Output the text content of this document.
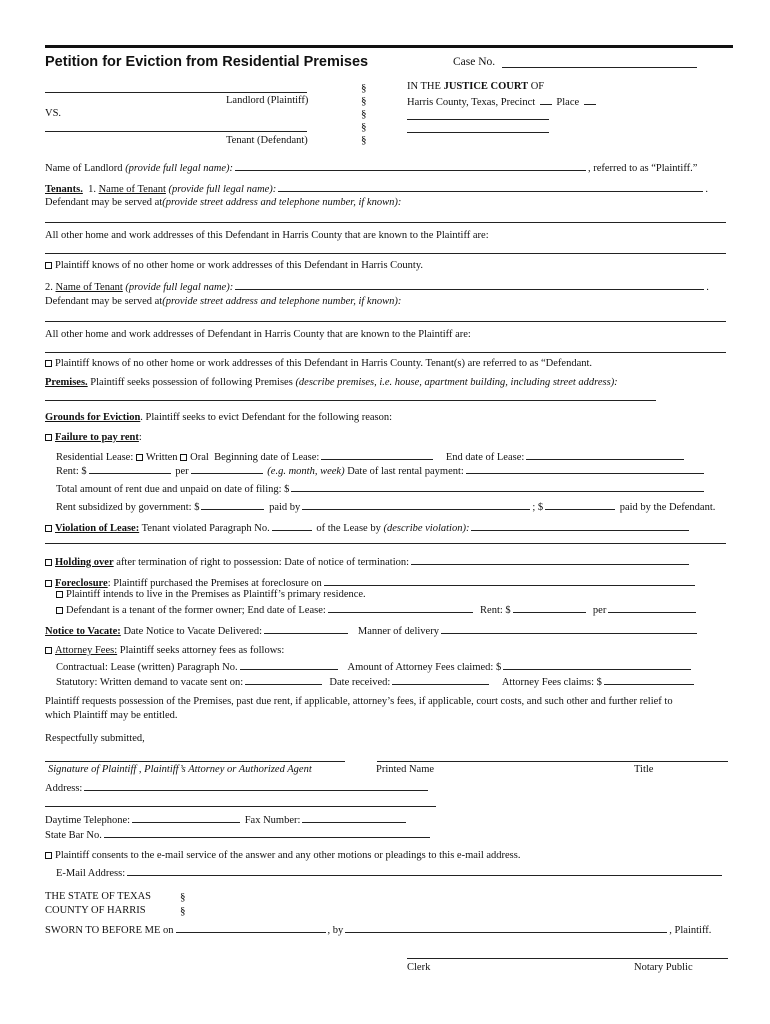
Petition for Eviction from Residential Premises	Case No.
Landlord (Plaintiff)
VS.
Tenant (Defendant)
§
§
§
§
§
IN THE JUSTICE COURT OF
Harris County, Texas, Precinct Place
Name of Landlord (provide full legal name):	, referred to as “Plaintiff.”
Tenants. 1. Name of Tenant (provide full legal name):	.
Defendant may be served at(provide street address and telephone number, if known):
All other home and work addresses of this Defendant in Harris County that are known to the Plaintiff are:
Plaintiff knows of no other home or work addresses of this Defendant in Harris County.
2. Name of Tenant (provide full legal name):	.
Defendant may be served at(provide street address and telephone number, if known):
All other home and work addresses of Defendant in Harris County that are known to the Plaintiff are:
Plaintiff knows of no other home or work addresses of this Defendant in Harris County. Tenant(s) are referred to as “Defendant.
Premises. Plaintiff seeks possession of following Premises (describe premises, i.e. house, apartment building, including street address):
Grounds for Eviction. Plaintiff seeks to evict Defendant for the following reason:
Failure to pay rent:
Residential Lease: Written Oral Beginning date of Lease:	End date of Lease:
Rent: $	per	(e.g. month, week) Date of last rental payment:
Total amount of rent due and unpaid on date of filing: $
Rent subsidized by government: $	paid by	; $	paid by the Defendant.
Violation of Lease: Tenant violated Paragraph No.	of the Lease by (describe violation):
Holding over after termination of right to possession: Date of notice of termination:
Foreclosure: Plaintiff purchased the Premises at foreclosure on
Plaintiff intends to live in the Premises as Plaintiff’s primary residence.
Defendant is a tenant of the former owner; End date of Lease:	Rent: $	per
Notice to Vacate: Date Notice to Vacate Delivered:	Manner of delivery
Attorney Fees: Plaintiff seeks attorney fees as follows:
Contractual: Lease (written) Paragraph No.	Amount of Attorney Fees claimed: $
Statutory: Written demand to vacate sent on:	Date received:	Attorney Fees claims: $
Plaintiff requests possession of the Premises, past due rent, if applicable, attorney’s fees, if applicable, court costs, and such other and further relief to
which Plaintiff may be entitled.
Respectfully submitted,
Signature of Plaintiff , Plaintiff’s Attorney or Authorized Agent	Printed Name	Title
Address:
Daytime Telephone:	Fax Number:
State Bar No.
Plaintiff consents to the e-mail service of the answer and any other motions or pleadings to this e-mail address.
E-Mail Address:
THE STATE OF TEXAS	§
COUNTY OF HARRIS	§
SWORN TO BEFORE ME on	, by	, Plaintiff.
Clerk	Notary Public
